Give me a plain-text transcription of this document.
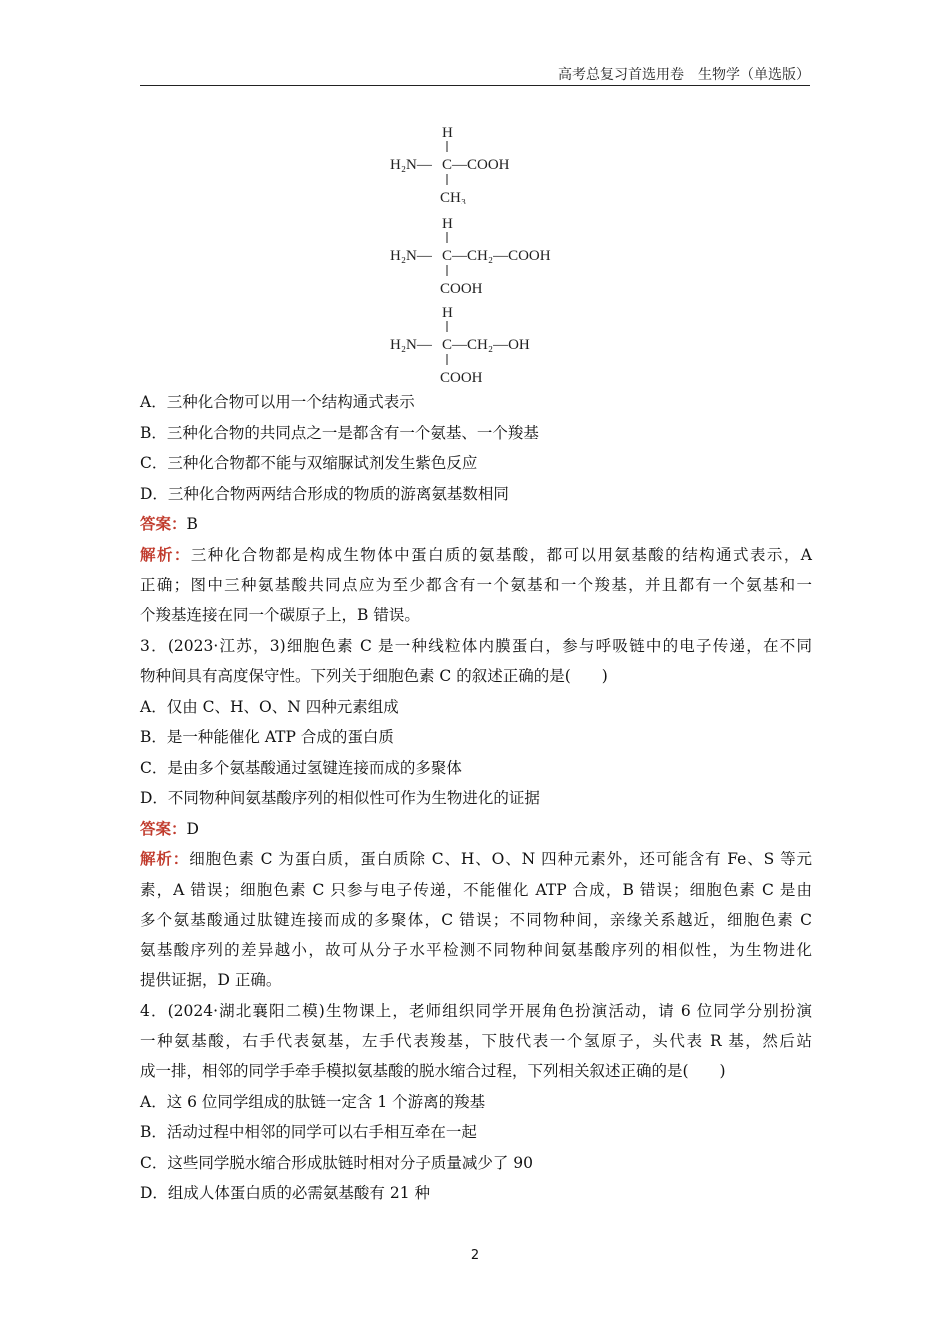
高考总复习首选用卷　生物学（单选版）
H
H₂N— C —COOH
CH₃
H
H₂N— C —CH₂—COOH
COOH
H
H₂N— C —CH₂—OH
COOH
A．三种化合物可以用一个结构通式表示
B．三种化合物的共同点之一是都含有一个氨基、一个羧基
C．三种化合物都不能与双缩脲试剂发生紫色反应
D．三种化合物两两结合形成的物质的游离氨基数相同
答案：B
解析：三种化合物都是构成生物体中蛋白质的氨基酸，都可以用氨基酸的结构通式表示，A
正确；图中三种氨基酸共同点应为至少都含有一个氨基和一个羧基，并且都有一个氨基和一
个羧基连接在同一个碳原子上，B 错误。
3．(2023·江苏，3)细胞色素 C 是一种线粒体内膜蛋白，参与呼吸链中的电子传递，在不同
物种间具有高度保守性。下列关于细胞色素 C 的叙述正确的是(　　)
A．仅由 C、H、O、N 四种元素组成
B．是一种能催化 ATP 合成的蛋白质
C．是由多个氨基酸通过氢键连接而成的多聚体
D．不同物种间氨基酸序列的相似性可作为生物进化的证据
答案：D
解析：细胞色素 C 为蛋白质，蛋白质除 C、H、O、N 四种元素外，还可能含有 Fe、S 等元
素，A 错误；细胞色素 C 只参与电子传递，不能催化 ATP 合成，B 错误；细胞色素 C 是由
多个氨基酸通过肽键连接而成的多聚体，C 错误；不同物种间，亲缘关系越近，细胞色素 C
氨基酸序列的差异越小，故可从分子水平检测不同物种间氨基酸序列的相似性，为生物进化
提供证据，D 正确。
4．(2024·湖北襄阳二模)生物课上，老师组织同学开展角色扮演活动，请 6 位同学分别扮演
一种氨基酸，右手代表氨基，左手代表羧基，下肢代表一个氢原子，头代表 R 基，然后站
成一排，相邻的同学手牵手模拟氨基酸的脱水缩合过程，下列相关叙述正确的是(　　)
A．这 6 位同学组成的肽链一定含 1 个游离的羧基
B．活动过程中相邻的同学可以右手相互牵在一起
C．这些同学脱水缩合形成肽链时相对分子质量减少了 90
D．组成人体蛋白质的必需氨基酸有 21 种
2
